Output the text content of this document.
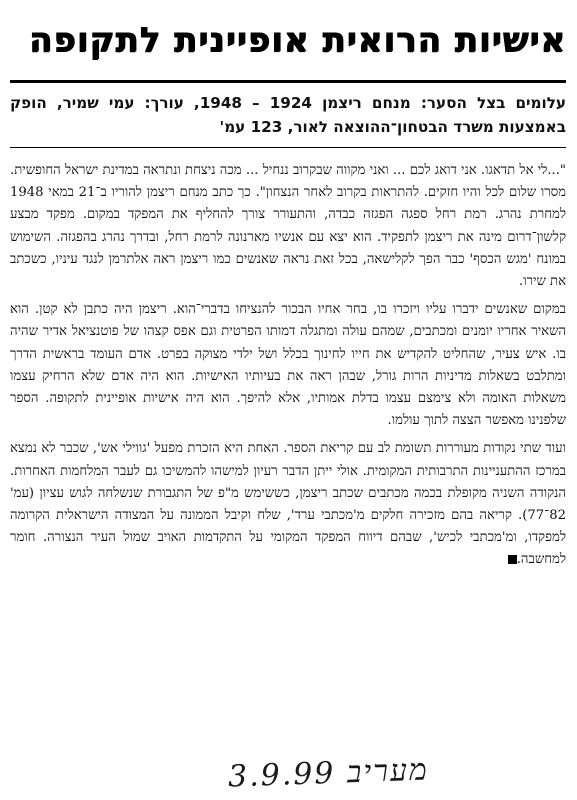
אישיות הרואית אופיינית לתקופה
עלומים בצל הסער: מנחם ריצמן 1924 – 1948, עורך: עמי שמיר, הופק באמצעות משרד הבטחון־ההוצאה לאור, 123 עמ'

"...לי אל תדאגו. אני דואג לכם ... ואני מקווה שבקרוב ננחיל ... מכה ניצחת ונתראה במדינת ישראל החופשית. מסרו שלום לכל והיו חזקים. להתראות בקרוב לאחר הנצחון". כך כתב מנחם ריצמן להוריו ב־21 במאי 1948 למחרת נהרג. רמת רחל ספגה הפגזה כבדה, והתעורר צורך להחליף את המפקד במקום. מפקד מבצע קלשון־דרום מינה את ריצמן לתפקיד. הוא יצא עם אנשיו מארנונה לרמת רחל, ובדרך נהרג בהפגזה. השימוש במונח 'מגש הכסף' כבר הפך לקלישאה, בכל זאת נראה שאנשים כמו ריצמן ראה אלתרמן לנגד עיניו, כשכתב את שירו.

במקום שאנשים ידברו עליו ויזכרו בו, בחר אחיו הבכור להנציחו בדברי־הוא. ריצמן היה כתבן לא קטן. הוא השאיר אחריו יומנים ומכתבים, שמהם עולה ומתגלה דמותו הפרטית וגם אפס קצהו של פוטנציאל אדיר שהיה בו. איש צעיר, שהחליט להקדיש את חייו לחינוך בכלל ושל ילדי מצוקה בפרט. אדם העומד בראשית הדרך ומתלבט בשאלות מדיניות הרות גורל, שבהן ראה את בעיותיו האישיות. הוא היה אדם שלא הרחיק עצמו משאלות האומה ולא צימצם עצמו בדלת אמותיו, אלא להיפך. הוא היה אישיות אופיינית לתקופה. הספר שלפנינו מאפשר הצצה לתוך עולמו.

ועוד שתי נקודות מעוררות תשומת לב עם קריאת הספר. האחת היא הזכרת מפעל 'גווילי אש', שכבר לא נמצא במרכז ההתעניינות התרבותית המקומית. אולי ייתן הדבר רעיון למישהו להמשיכו גם לעבר המלחמות האחרות. הנקודה השניה מקופלת בכמה מכתבים שכתב ריצמן, כששימש מ"פ של התגבורת שנשלחה לגוש עציון (עמ' 82־77). קריאה בהם מזכירה חלקים מ'מכתבי ערד', שלח וקיבל הממונה על המצודה הישראלית הקרומה למפקדו, ומ'מכתבי לכיש', שבהם דיווח המפקד המקומי על התקדמות האויב שמול העיר הנצורה. חומר למחשבה.

מעריב 3.9.99
